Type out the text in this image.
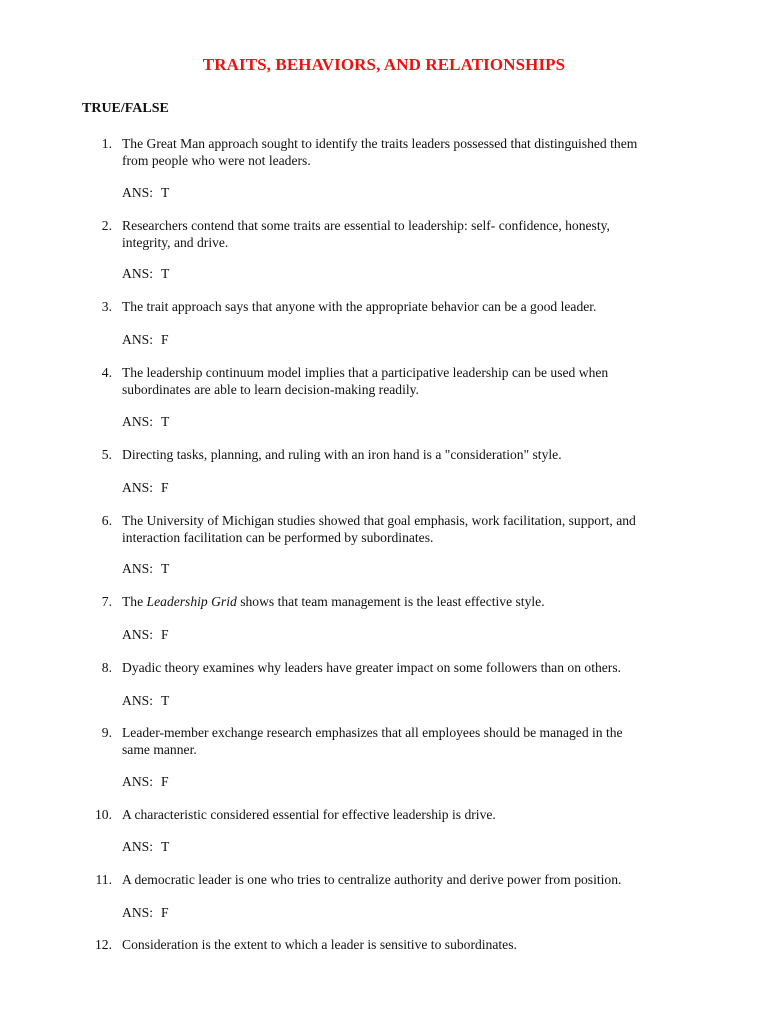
TRAITS, BEHAVIORS, AND RELATIONSHIPS
TRUE/FALSE
1. The Great Man approach sought to identify the traits leaders possessed that distinguished them
from people who were not leaders.
ANS: T
2. Researchers contend that some traits are essential to leadership: self- confidence, honesty,
integrity, and drive.
ANS: T
3. The trait approach says that anyone with the appropriate behavior can be a good leader.
ANS: F
4. The leadership continuum model implies that a participative leadership can be used when
subordinates are able to learn decision-making readily.
ANS: T
5. Directing tasks, planning, and ruling with an iron hand is a "consideration" style.
ANS: F
6. The University of Michigan studies showed that goal emphasis, work facilitation, support, and
interaction facilitation can be performed by subordinates.
ANS: T
7. The Leadership Grid shows that team management is the least effective style.
ANS: F
8. Dyadic theory examines why leaders have greater impact on some followers than on others.
ANS: T
9. Leader-member exchange research emphasizes that all employees should be managed in the
same manner.
ANS: F
10. A characteristic considered essential for effective leadership is drive.
ANS: T
11. A democratic leader is one who tries to centralize authority and derive power from position.
ANS: F
12. Consideration is the extent to which a leader is sensitive to subordinates.
